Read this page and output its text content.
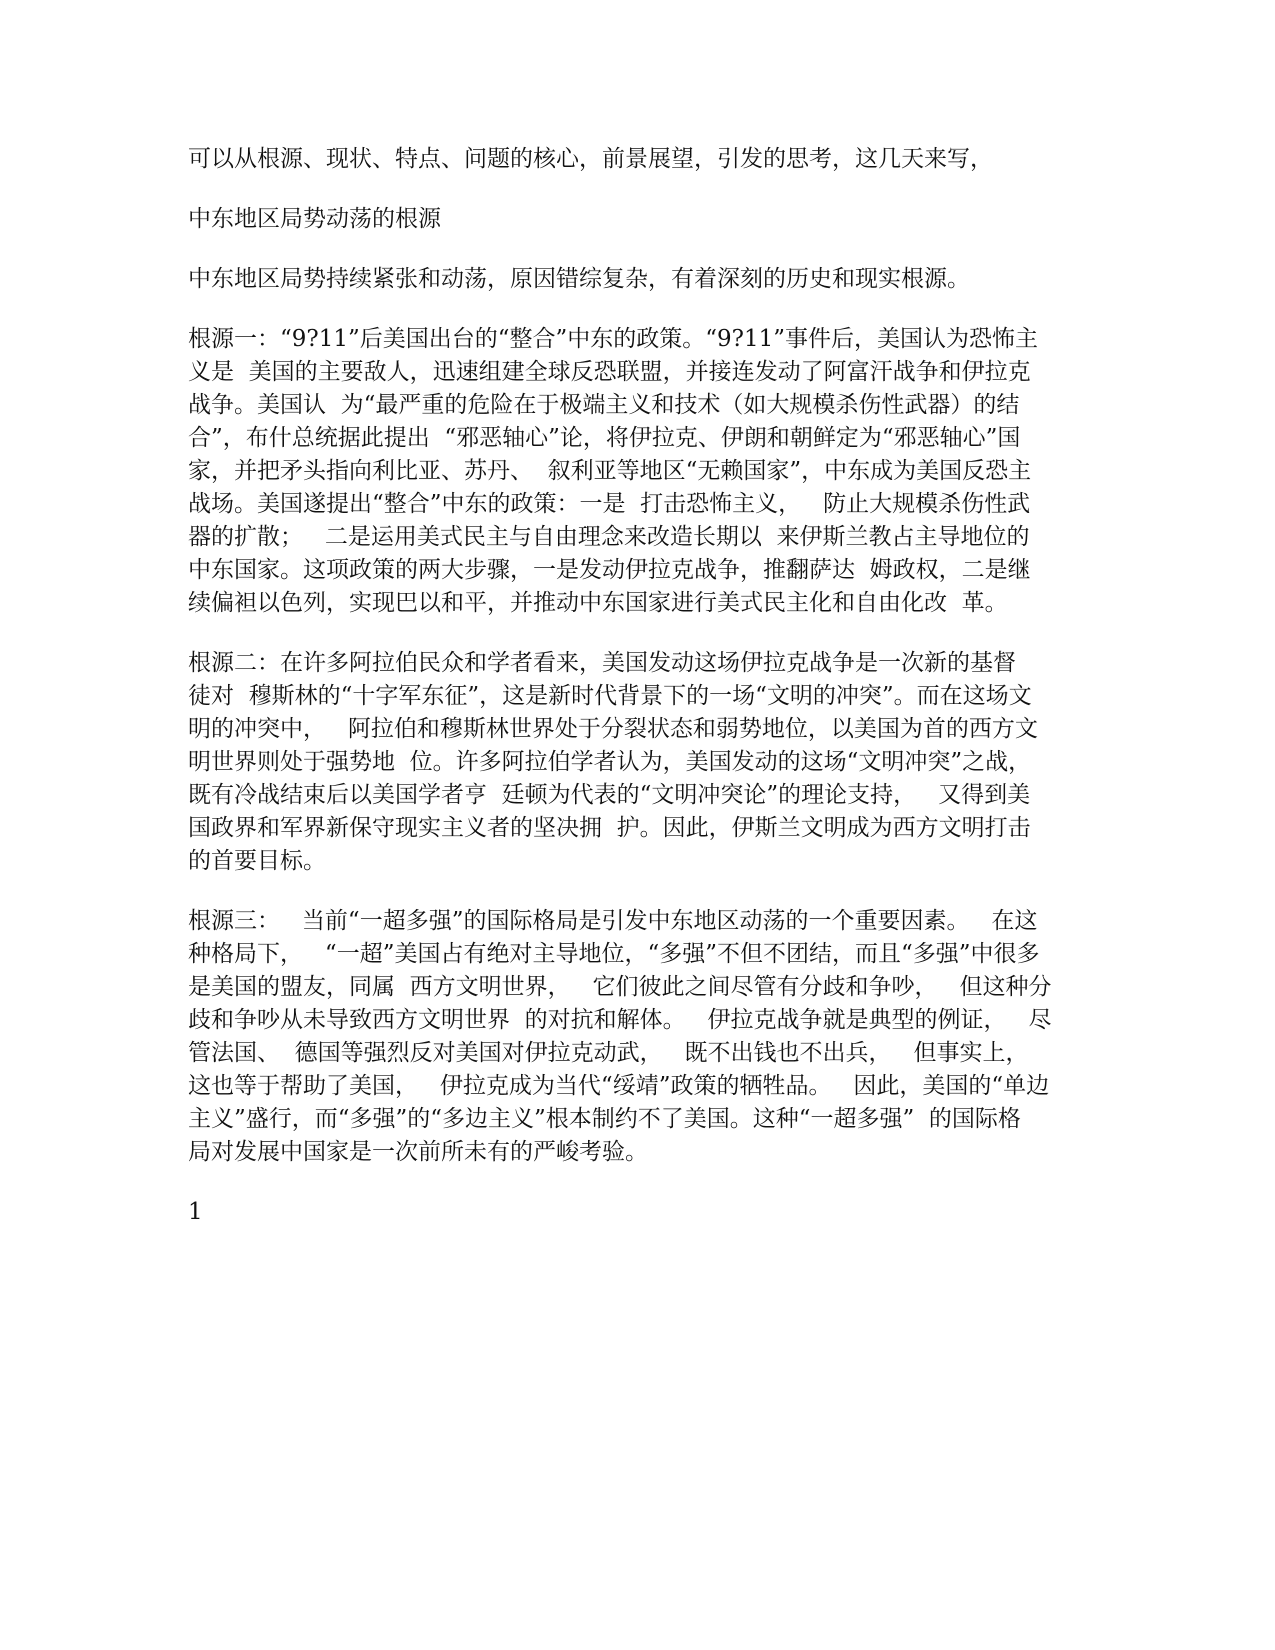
可以从根源、现状、特点、问题的核心，前景展望，引发的思考，这几天来写，

中东地区局势动荡的根源

中东地区局势持续紧张和动荡，原因错综复杂，有着深刻的历史和现实根源。

根源一：“9?11”后美国出台的“整合”中东的政策。“9?11”事件后，美国认为恐怖主
义是  美国的主要敌人，迅速组建全球反恐联盟，并接连发动了阿富汗战争和伊拉克
战争。美国认  为“最严重的危险在于极端主义和技术（如大规模杀伤性武器）的结
合”，布什总统据此提出  “邪恶轴心”论，将伊拉克、伊朗和朝鲜定为“邪恶轴心”国
家，并把矛头指向利比亚、苏丹、  叙利亚等地区“无赖国家”，中东成为美国反恐主
战场。美国遂提出“整合”中东的政策：一是  打击恐怖主义，   防止大规模杀伤性武
器的扩散；   二是运用美式民主与自由理念来改造长期以  来伊斯兰教占主导地位的
中东国家。这项政策的两大步骤，一是发动伊拉克战争，推翻萨达  姆政权，二是继
续偏袒以色列，实现巴以和平，并推动中东国家进行美式民主化和自由化改  革。

根源二：在许多阿拉伯民众和学者看来，美国发动这场伊拉克战争是一次新的基督
徒对  穆斯林的“十字军东征”，这是新时代背景下的一场“文明的冲突”。而在这场文
明的冲突中，   阿拉伯和穆斯林世界处于分裂状态和弱势地位，以美国为首的西方文
明世界则处于强势地  位。许多阿拉伯学者认为，美国发动的这场“文明冲突”之战，
既有冷战结束后以美国学者亨  廷顿为代表的“文明冲突论”的理论支持，   又得到美
国政界和军界新保守现实主义者的坚决拥  护。因此，伊斯兰文明成为西方文明打击
的首要目标。

根源三：   当前“一超多强”的国际格局是引发中东地区动荡的一个重要因素。   在这
种格局下，   “一超”美国占有绝对主导地位，“多强”不但不团结，而且“多强”中很多
是美国的盟友，同属  西方文明世界，   它们彼此之间尽管有分歧和争吵，   但这种分
歧和争吵从未导致西方文明世界  的对抗和解体。   伊拉克战争就是典型的例证，   尽
管法国、  德国等强烈反对美国对伊拉克动武，   既不出钱也不出兵，   但事实上，
这也等于帮助了美国，   伊拉克成为当代“绥靖”政策的牺牲品。   因此，美国的“单边
主义”盛行，而“多强”的“多边主义”根本制约不了美国。这种“一超多强”  的国际格
局对发展中国家是一次前所未有的严峻考验。

1
